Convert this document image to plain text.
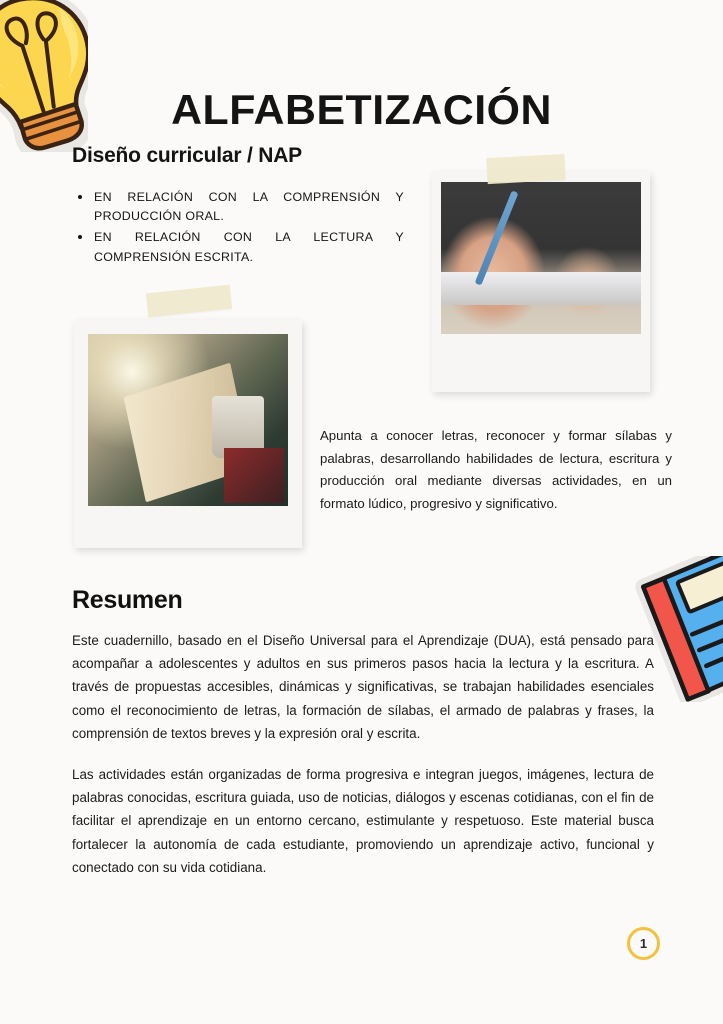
ALFABETIZACIÓN
Diseño curricular / NAP
EN RELACIÓN CON LA COMPRENSIÓN Y PRODUCCIÓN ORAL.
EN RELACIÓN CON LA LECTURA Y COMPRENSIÓN ESCRITA.

Apunta a conocer letras, reconocer y formar sílabas y palabras, desarrollando habilidades de lectura, escritura y producción oral mediante diversas actividades, en un formato lúdico, progresivo y significativo.

Resumen

Este cuadernillo, basado en el Diseño Universal para el Aprendizaje (DUA), está pensado para acompañar a adolescentes y adultos en sus primeros pasos hacia la lectura y la escritura. A través de propuestas accesibles, dinámicas y significativas, se trabajan habilidades esenciales como el reconocimiento de letras, la formación de sílabas, el armado de palabras y frases, la comprensión de textos breves y la expresión oral y escrita.

Las actividades están organizadas de forma progresiva e integran juegos, imágenes, lectura de palabras conocidas, escritura guiada, uso de noticias, diálogos y escenas cotidianas, con el fin de facilitar el aprendizaje en un entorno cercano, estimulante y respetuoso. Este material busca fortalecer la autonomía de cada estudiante, promoviendo un aprendizaje activo, funcional y conectado con su vida cotidiana.

1
